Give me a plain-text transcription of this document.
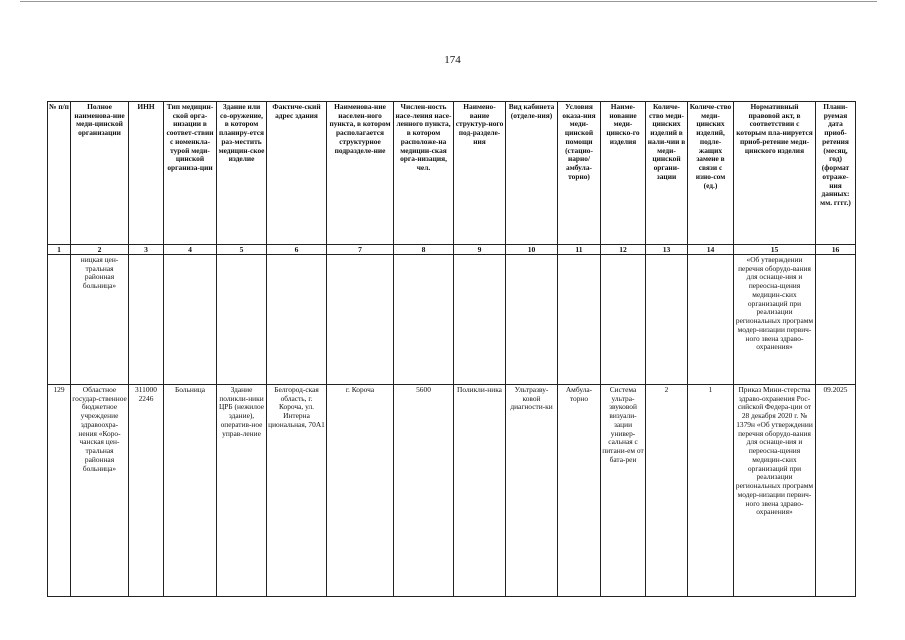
174
№ п/п	Полное наименова-ние меди-цинской организации	ИНН	Тип медицин-ской орга-низации в соответ-ствии с номенкла-турой меди-цинской организа-ции	Здание или со-оружение, в котором планиру-ется раз-местить медицин-ское изделие	Фактиче-ский адрес здания	Наименова-ние населен-ного пункта, в котором располагается структурное подразделе-ние	Числен-ность насе-ления насе-ленного пункта, в котором расположе-на медицин-ская орга-низация, чел.	Наимено-вание структур-ного под-разделе-ния	Вид кабинета (отделе-ния)	Условия оказа-ния меди-цинской помощи (стацио-нарно/ амбула-торно)	Наиме-нование меди-цинско-го изделия	Количе-ство меди-цинских изделий в нали-чии в меди-цинской органи-зации	Количе-ство меди-цинских изделий, подле-жащих замене в связи с изно-сом (ед.)	Нормативный правовой акт, в соответствии с которым пла-нируется приоб-ретение меди-цинского изделия	Плани-руемая дата приоб-ретения (месяц, год) (формат отраже-ния данных: мм. гггг.)
1	2	3	4	5	6	7	8	9	10	11	12	13	14	15	16
	ницкая цен-тральная районная больница»													«Об утверждении перечня оборудо-вания для оснаще-ния и переосна-щения медицин-ских организаций при реализации региональных программ модер-низации первич-ного звена здраво-охранения»	
129	Областное государ-ственное бюджетное учреждение здравоохра-нения «Коро-чанская цен-тральная районная больница»	311000 2246	Больница	Здание поликли-ники ЦРБ (нежилое здание), оператив-ное управ-ление	Белгород-ская область, г. Короча, ул. Интерна циональная, 70А1	г. Короча	5600	Поликли-ника	Ультразву-ковой диагности-ки	Амбула-торно	Система ультра-звуковой визуали-зации универ-сальная с питани-ем от бата-реи	2	1	Приказ Мини-стерства здраво-охранения Рос-сийской Федера-ции от 28 декабря 2020 г. № 1379н «Об утверждении перечня оборудо-вания для оснаще-ния и переосна-щения медицин-ских организаций при реализации региональных программ модер-низации первич-ного звена здраво-охранения»	09.2025
